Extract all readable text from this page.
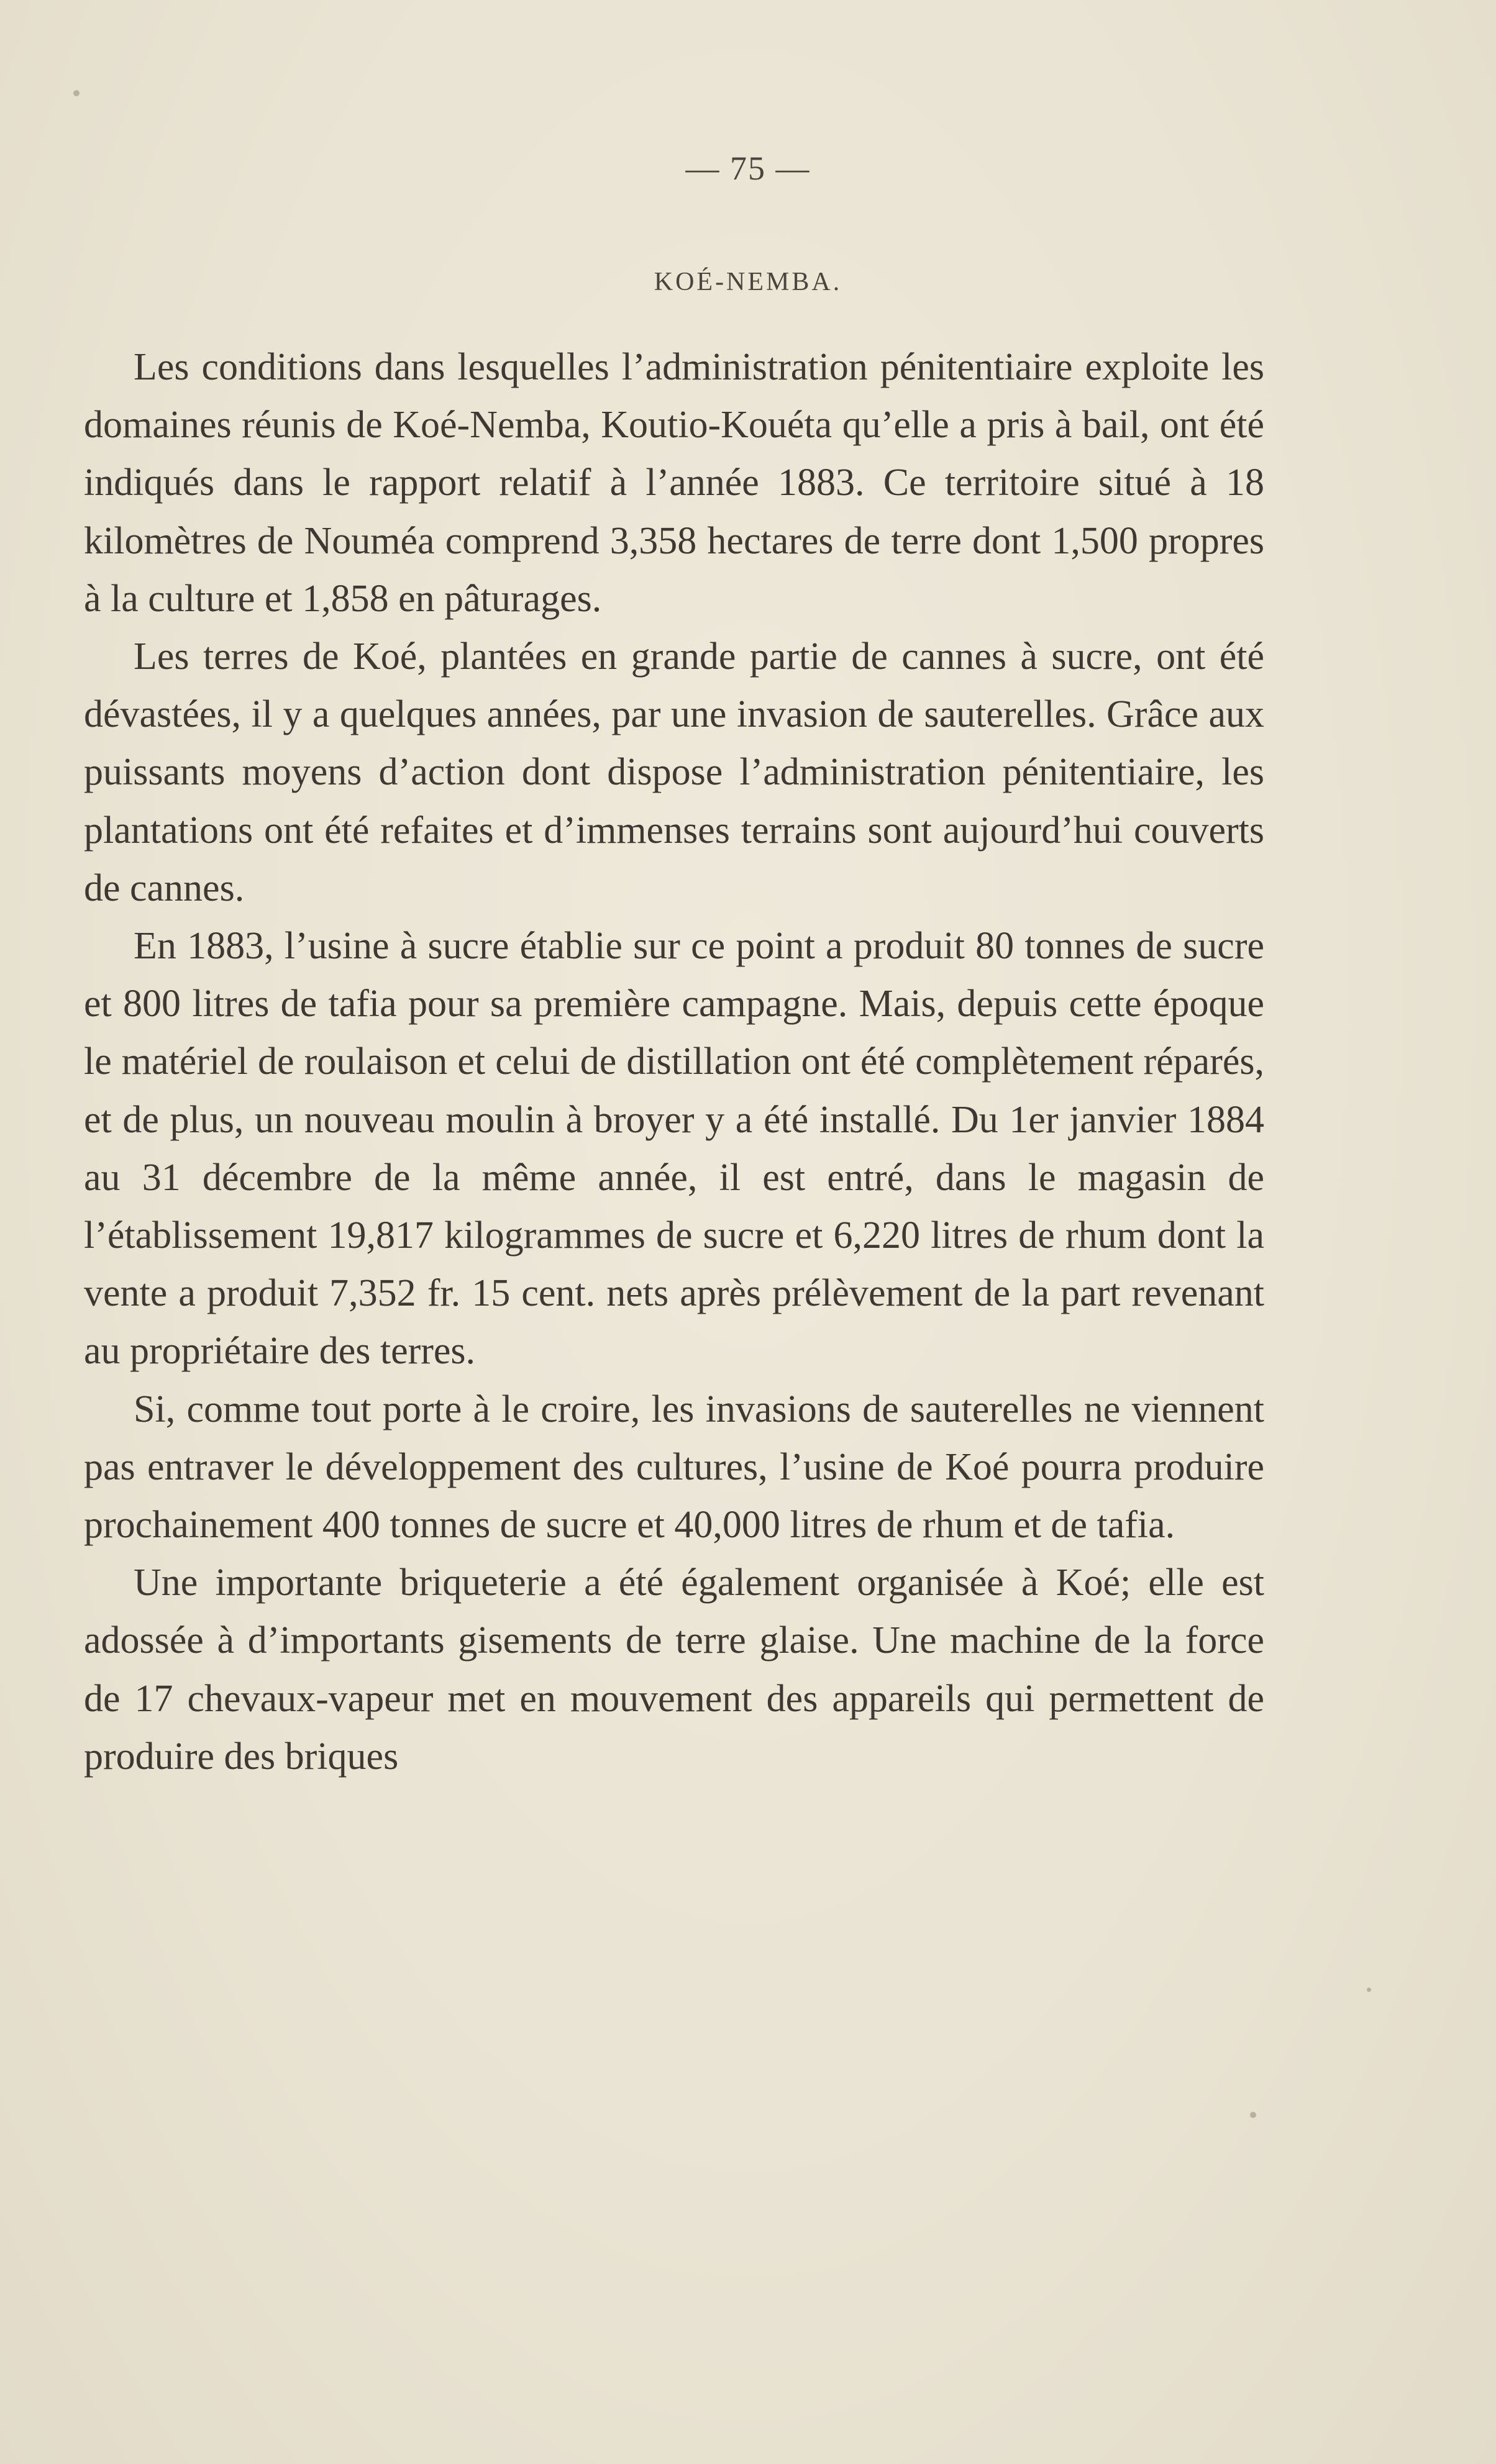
— 75 —
KOÉ-NEMBA.

Les conditions dans lesquelles l’administration pénitentiaire exploite les domaines réunis de Koé-Nemba, Koutio-Kouéta qu’elle a pris à bail, ont été indiqués dans le rapport relatif à l’année 1883. Ce territoire situé à 18 kilomètres de Nouméa comprend 3,358 hectares de terre dont 1,500 propres à la culture et 1,858 en pâturages.

Les terres de Koé, plantées en grande partie de cannes à sucre, ont été dévastées, il y a quelques années, par une invasion de sauterelles. Grâce aux puissants moyens d’action dont dispose l’administration pénitentiaire, les plantations ont été refaites et d’immenses terrains sont aujourd’hui couverts de cannes.

En 1883, l’usine à sucre établie sur ce point a produit 80 tonnes de sucre et 800 litres de tafia pour sa première campagne. Mais, depuis cette époque le matériel de roulaison et celui de distillation ont été complètement réparés, et de plus, un nouveau moulin à broyer y a été installé. Du 1er janvier 1884 au 31 décembre de la même année, il est entré, dans le magasin de l’établissement 19,817 kilogrammes de sucre et 6,220 litres de rhum dont la vente a produit 7,352 fr. 15 cent. nets après prélèvement de la part revenant au propriétaire des terres.

Si, comme tout porte à le croire, les invasions de sauterelles ne viennent pas entraver le développement des cultures, l’usine de Koé pourra produire prochainement 400 tonnes de sucre et 40,000 litres de rhum et de tafia.

Une importante briqueterie a été également organisée à Koé; elle est adossée à d’importants gisements de terre glaise. Une machine de la force de 17 chevaux-vapeur met en mouvement des appareils qui permettent de produire des briques
